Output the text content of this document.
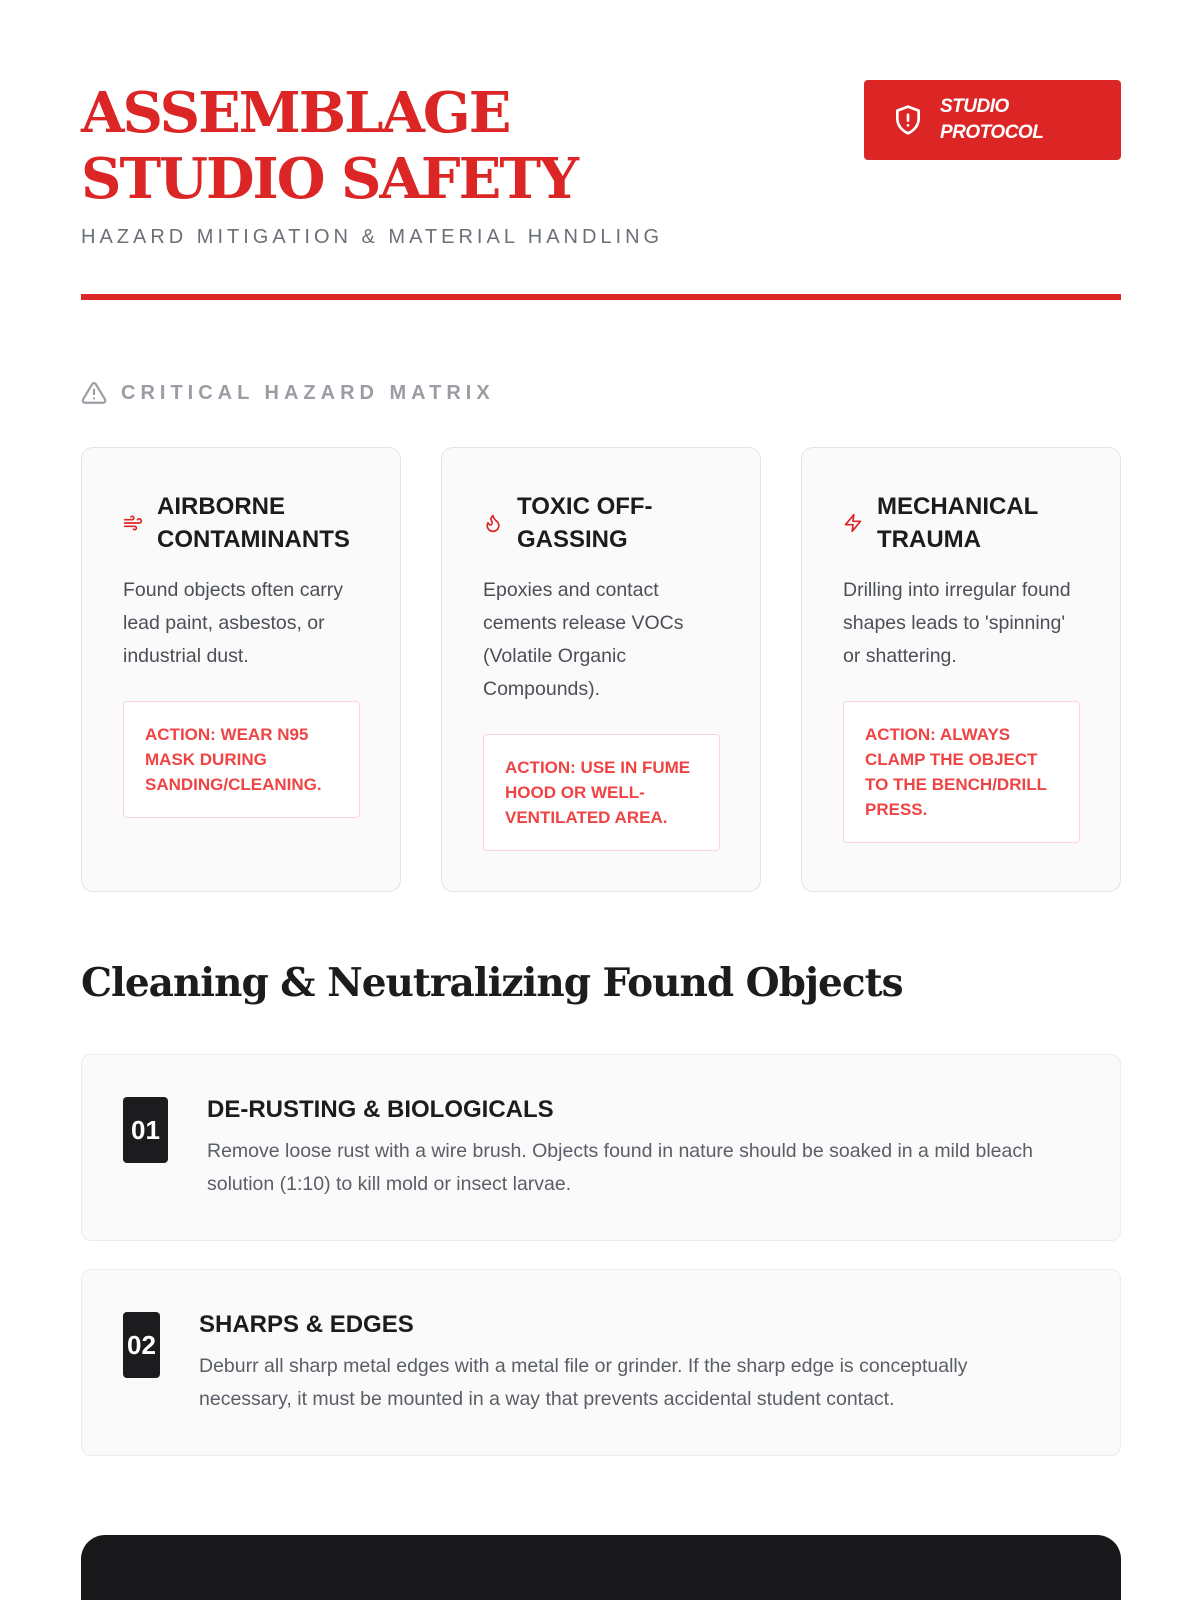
ASSEMBLAGE STUDIO SAFETY
HAZARD MITIGATION & MATERIAL HANDLING
STUDIO PROTOCOL
CRITICAL HAZARD MATRIX
AIRBORNE CONTAMINANTS

Found objects often carry lead paint, asbestos, or industrial dust.

ACTION: WEAR N95 MASK DURING SANDING/CLEANING.
TOXIC OFF-GASSING

Epoxies and contact cements release VOCs (Volatile Organic Compounds).

ACTION: USE IN FUME HOOD OR WELL-VENTILATED AREA.
MECHANICAL TRAUMA

Drilling into irregular found shapes leads to 'spinning' or shattering.

ACTION: ALWAYS CLAMP THE OBJECT TO THE BENCH/DRILL PRESS.
Cleaning & Neutralizing Found Objects
01
DE-RUSTING & BIOLOGICALS

Remove loose rust with a wire brush. Objects found in nature should be soaked in a mild bleach solution (1:10) to kill mold or insect larvae.

02
SHARPS & EDGES

Deburr all sharp metal edges with a metal file or grinder. If the sharp edge is conceptually necessary, it must be mounted in a way that prevents accidental student contact.
